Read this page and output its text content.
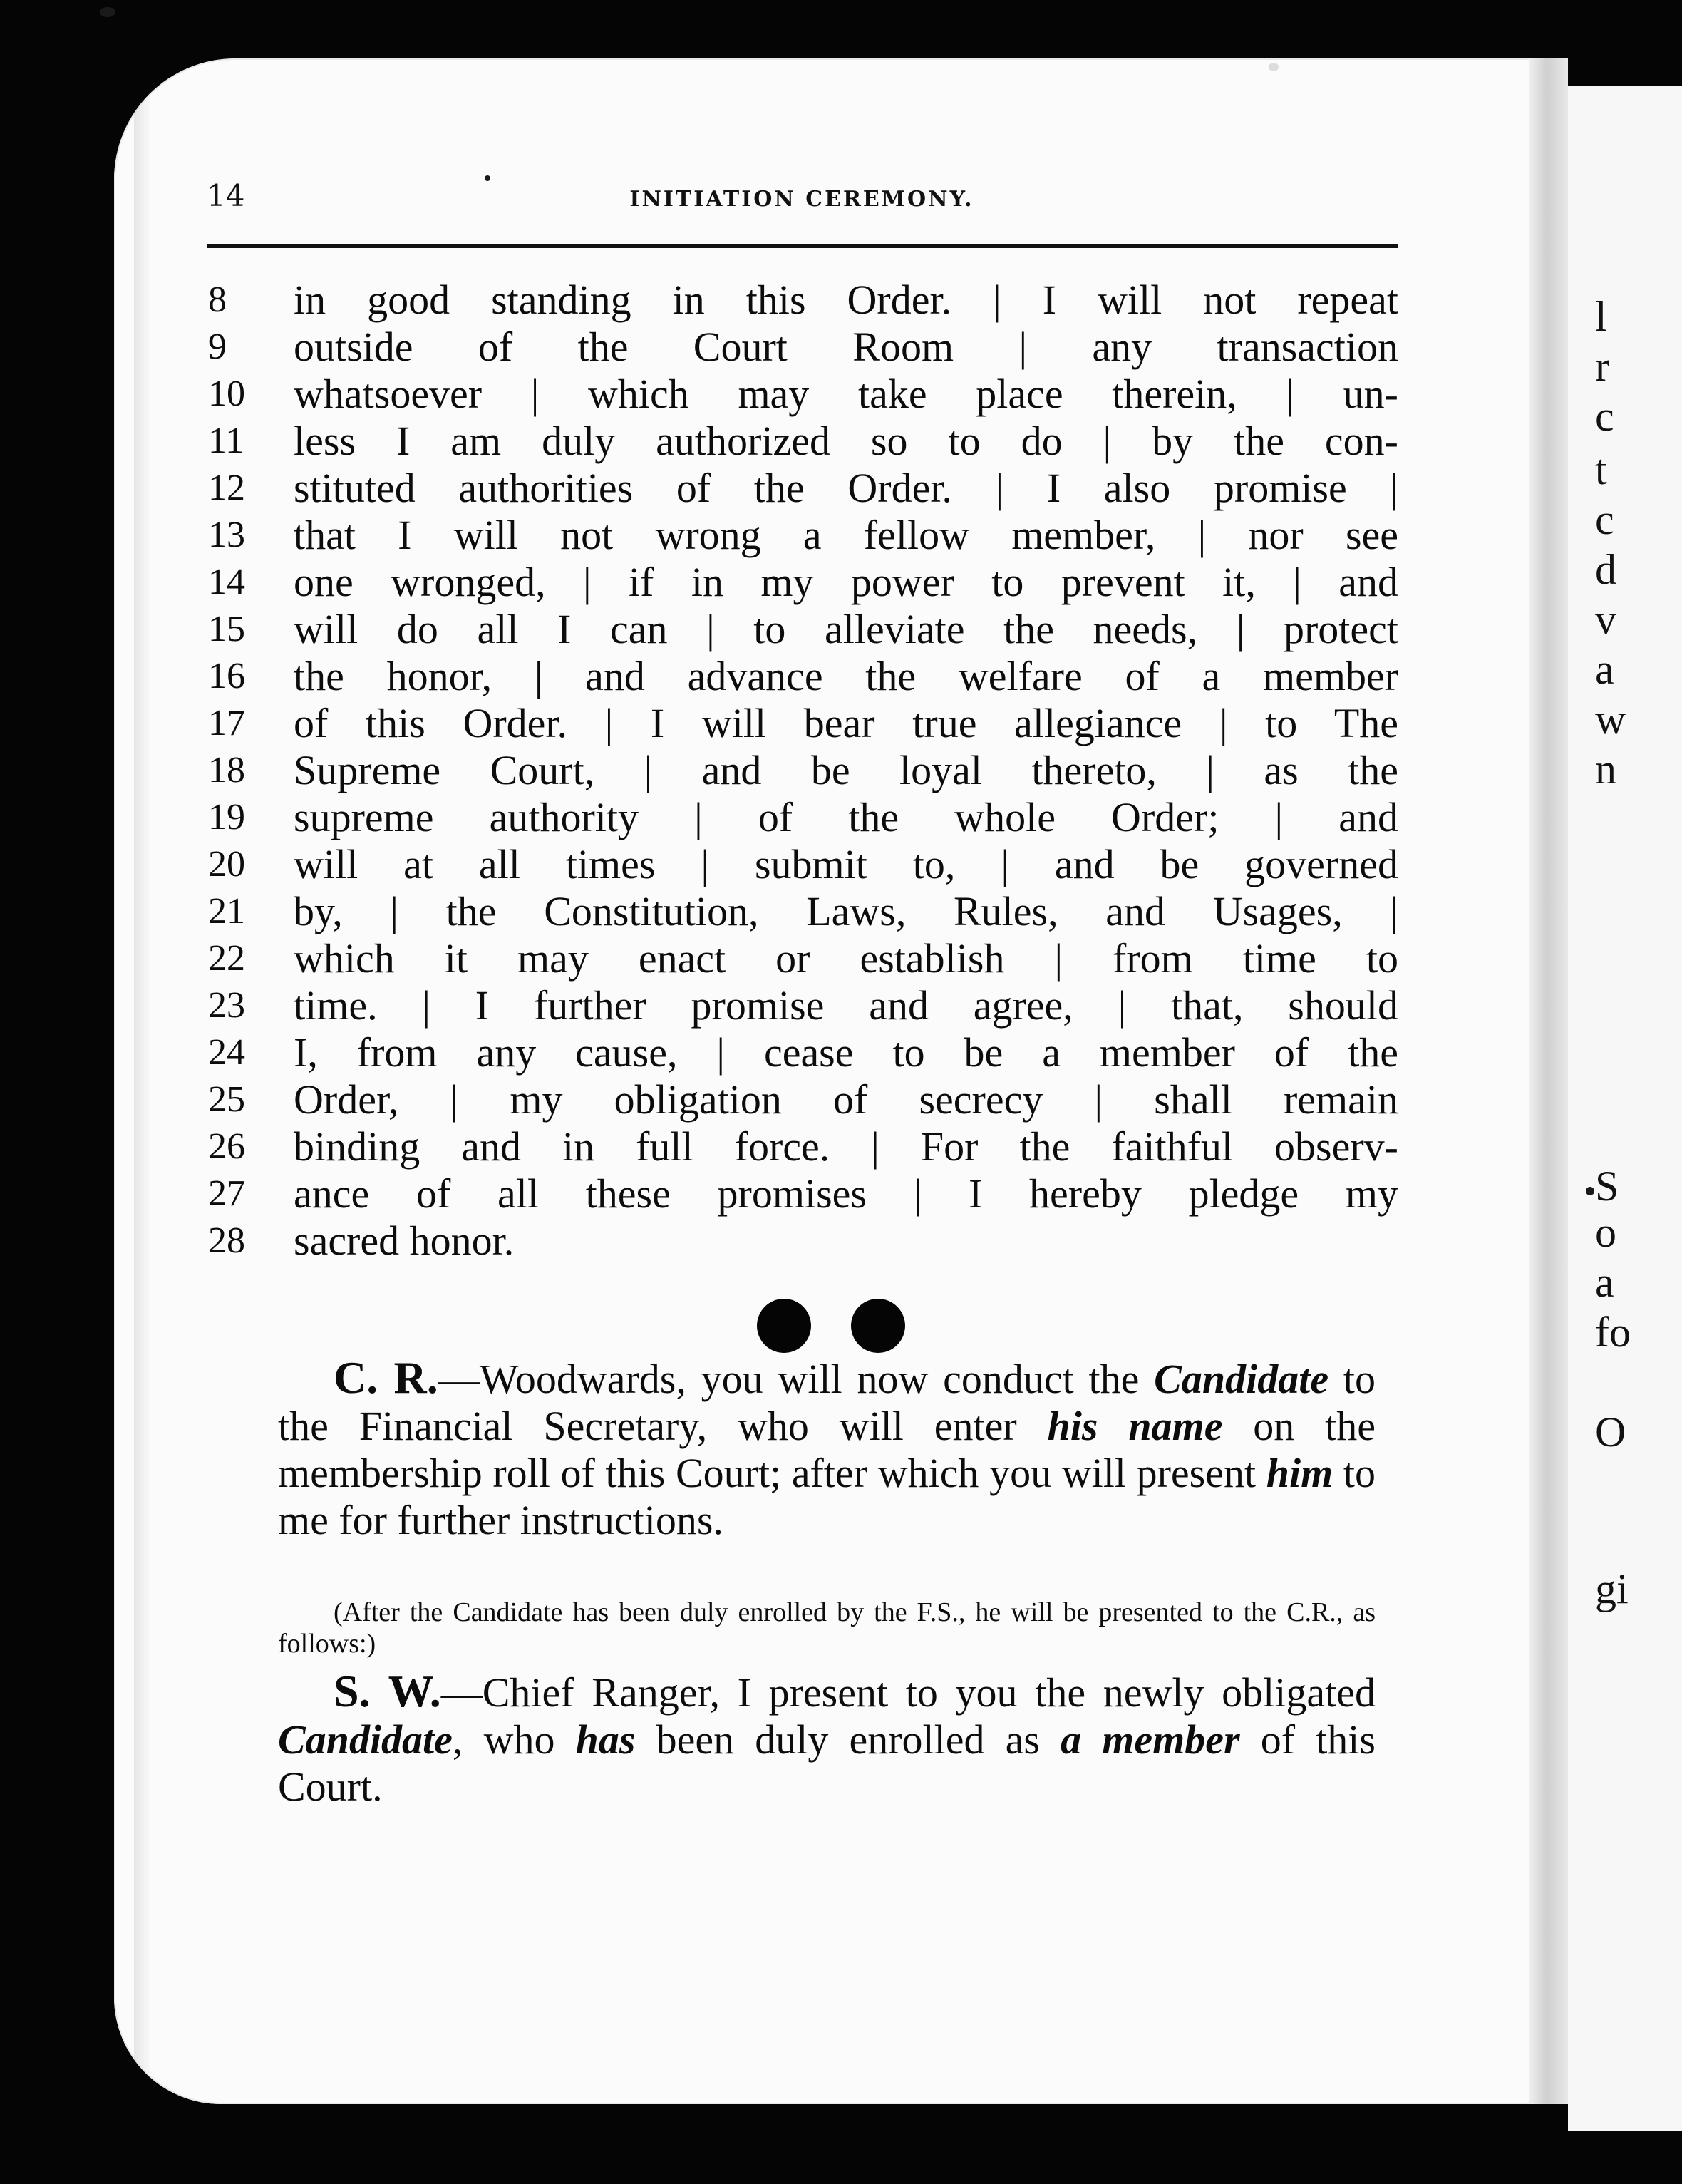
l
r
c
t
c
d
v
a
w
n
S
o
a
fo
O
gi
14	INITIATION CEREMONY.
8	in good standing in this Order. | I will not repeat
9	outside of the Court Room | any transaction
10	whatsoever | which may take place therein, | un-
11	less I am duly authorized so to do | by the con-
12	stituted authorities of the Order. | I also promise |
13	that I will not wrong a fellow member, | nor see
14	one wronged, | if in my power to prevent it, | and
15	will do all I can | to alleviate the needs, | protect
16	the honor, | and advance the welfare of a member
17	of this Order. | I will bear true allegiance | to The
18	Supreme Court, | and be loyal thereto, | as the
19	supreme authority | of the whole Order; | and
20	will at all times | submit to, | and be governed
21	by, | the Constitution, Laws, Rules, and Usages, |
22	which it may enact or establish | from time to
23	time. | I further promise and agree, | that, should
24	I, from any cause, | cease to be a member of the
25	Order, | my obligation of secrecy | shall remain
26	binding and in full force. | For the faithful observ-
27	ance of all these promises | I hereby pledge my
28	sacred honor.

C. R.—Woodwards, you will now conduct the Candidate to the Financial Secretary, who will enter his name on the membership roll of this Court; after which you will present him to me for further instructions.

(After the Candidate has been duly enrolled by the F.S., he will be presented to the C.R., as follows:)

S. W.—Chief Ranger, I present to you the newly obligated Candidate, who has been duly enrolled as a member of this Court.
